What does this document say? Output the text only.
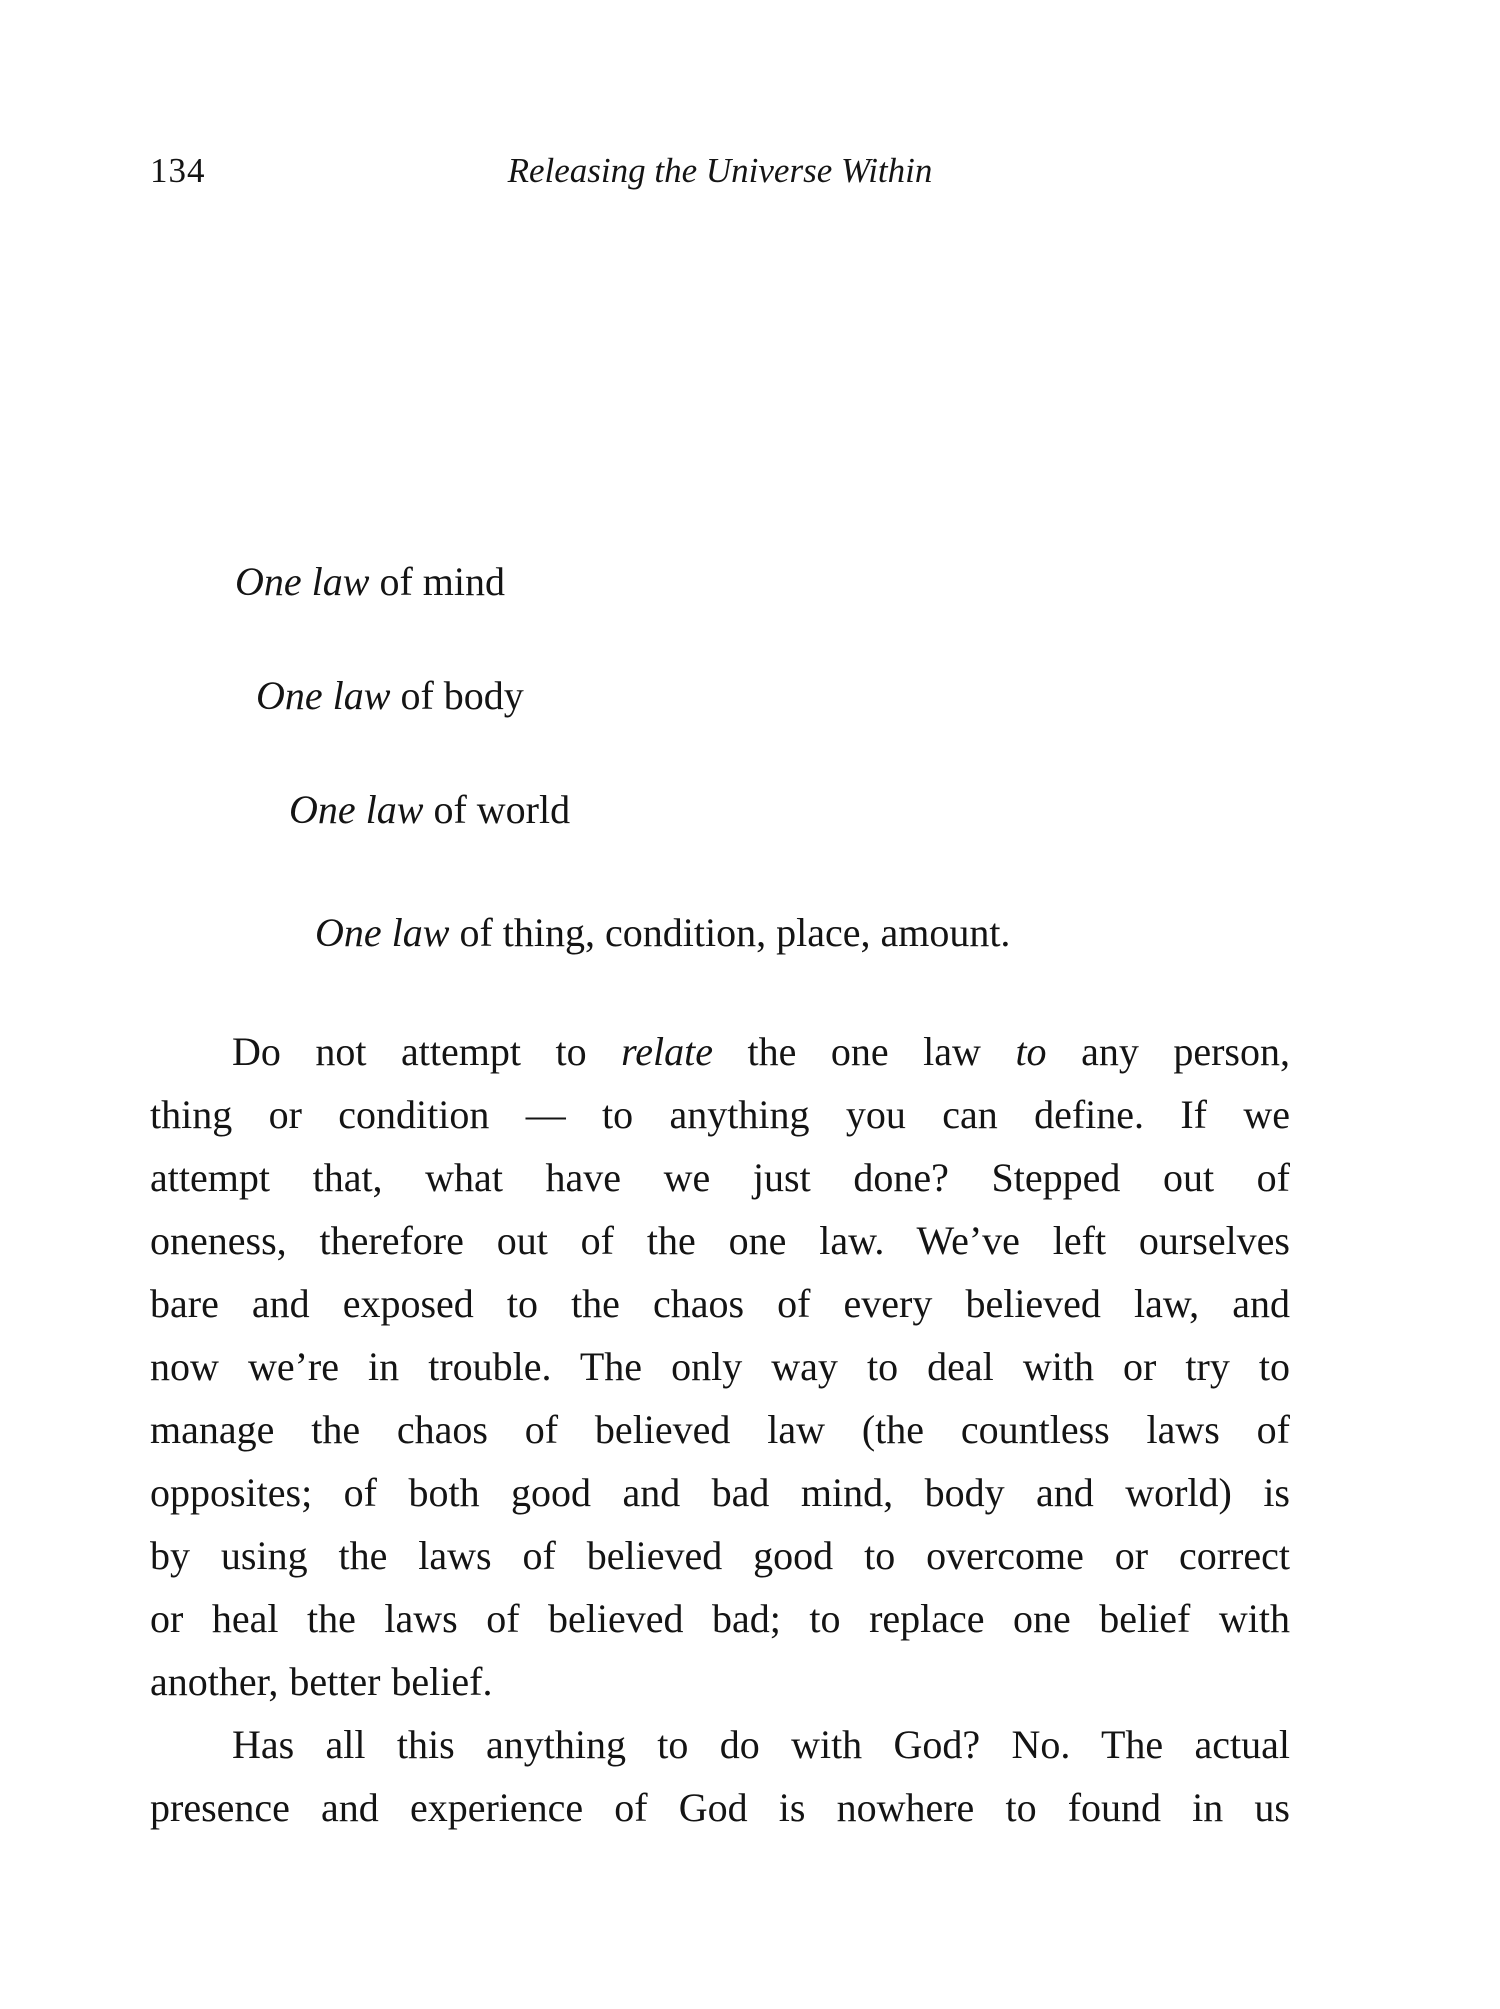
134	Releasing the Universe Within
One law of mind
One law of body
One law of world
One law of thing, condition, place, amount.
Do not attempt to relate the one law to any person,
thing or condition — to anything you can define. If we
attempt that, what have we just done? Stepped out of
oneness, therefore out of the one law. We’ve left ourselves
bare and exposed to the chaos of every believed law, and
now we’re in trouble. The only way to deal with or try to
manage the chaos of believed law (the countless laws of
opposites; of both good and bad mind, body and world) is
by using the laws of believed good to overcome or correct
or heal the laws of believed bad; to replace one belief with
another, better belief.
Has all this anything to do with God? No. The actual
presence and experience of God is nowhere to found in us
